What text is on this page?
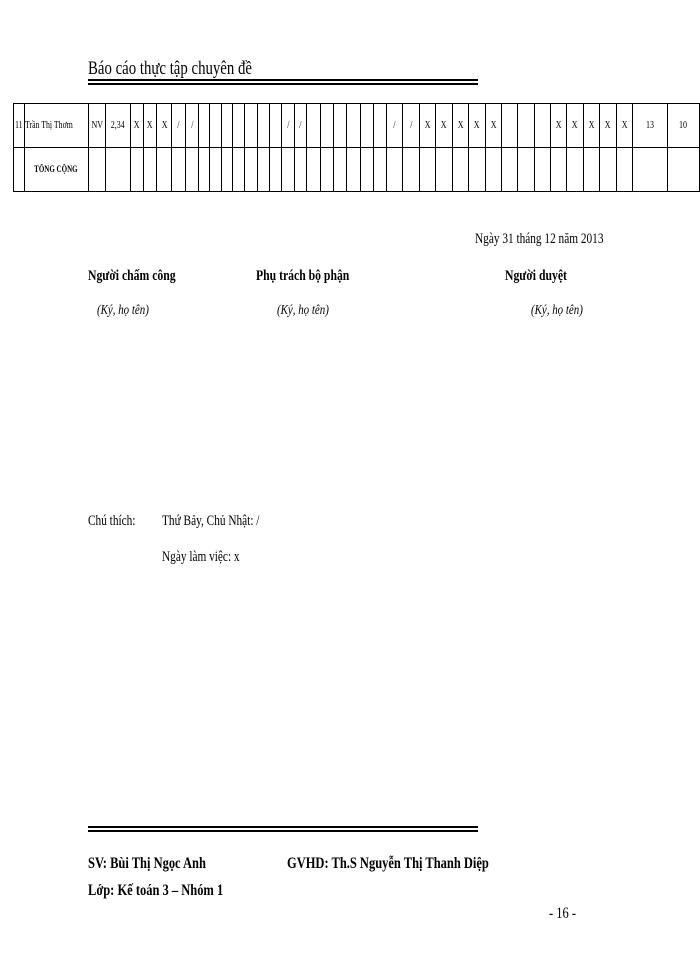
Báo cáo thực tập chuyên đề
11	Trần Thị Thơm	NV	2,34	X	X	X	/	/								/	/							/	/	X	X	X	X	X				X	X	X	X	X	13	10
	TỔNG CỘNG																																							
Ngày 31 tháng 12 năm 2013
Người chấm công	Phụ trách bộ phận	Người duyệt
(Ký, họ tên)	(Ký, họ tên)	(Ký, họ tên)
Chú thích:	Thứ Bảy, Chủ Nhật: /
Ngày làm việc: x
SV: Bùi Thị Ngọc Anh	GVHD: Th.S Nguyễn Thị Thanh Diệp
Lớp: Kế toán 3 – Nhóm 1
- 16 -
